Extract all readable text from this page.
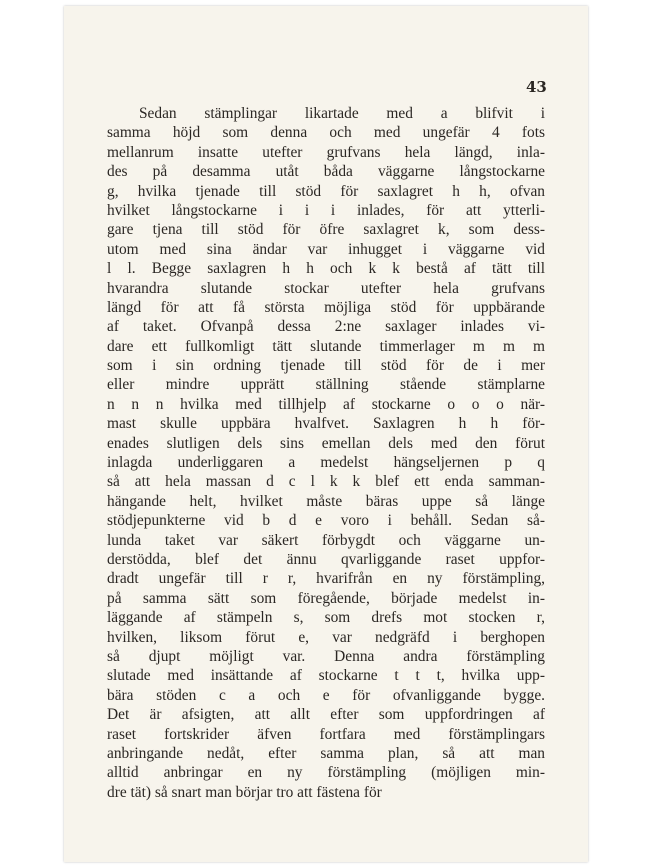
43
Sedan stämplingar likartade med a blifvit i
samma höjd som denna och med ungefär 4 fots
mellanrum insatte utefter grufvans hela längd, inla-
des på desamma utåt båda väggarne långstockarne
g, hvilka tjenade till stöd för saxlagret h h, ofvan
hvilket långstockarne i i i inlades, för att ytterli-
gare tjena till stöd för öfre saxlagret k, som dess-
utom med sina ändar var inhugget i väggarne vid
l l. Begge saxlagren h h och k k bestå af tätt till
hvarandra slutande stockar utefter hela grufvans
längd för att få största möjliga stöd för uppbärande
af taket. Ofvanpå dessa 2:ne saxlager inlades vi-
dare ett fullkomligt tätt slutande timmerlager m m m
som i sin ordning tjenade till stöd för de i mer
eller mindre upprätt ställning stående stämplarne
n n n hvilka med tillhjelp af stockarne o o o när-
mast skulle uppbära hvalfvet. Saxlagren h h för-
enades slutligen dels sins emellan dels med den förut
inlagda underliggaren a medelst hängseljernen p q
så att hela massan d c l k k blef ett enda samman-
hängande helt, hvilket måste bäras uppe så länge
stödjepunkterne vid b d e voro i behåll. Sedan så-
lunda taket var säkert förbygdt och väggarne un-
derstödda, blef det ännu qvarliggande raset uppfor-
dradt ungefär till r r, hvarifrån en ny förstämpling,
på samma sätt som föregående, började medelst in-
läggande af stämpeln s, som drefs mot stocken r,
hvilken, liksom förut e, var nedgräfd i berghopen
så djupt möjligt var. Denna andra förstämpling
slutade med insättande af stockarne t t t, hvilka upp-
bära stöden c a och e för ofvanliggande bygge.
Det är afsigten, att allt efter som uppfordringen af
raset fortskrider äfven fortfara med förstämplingars
anbringande nedåt, efter samma plan, så att man
alltid anbringar en ny förstämpling (möjligen min-
dre tät) så snart man börjar tro att fästena för
